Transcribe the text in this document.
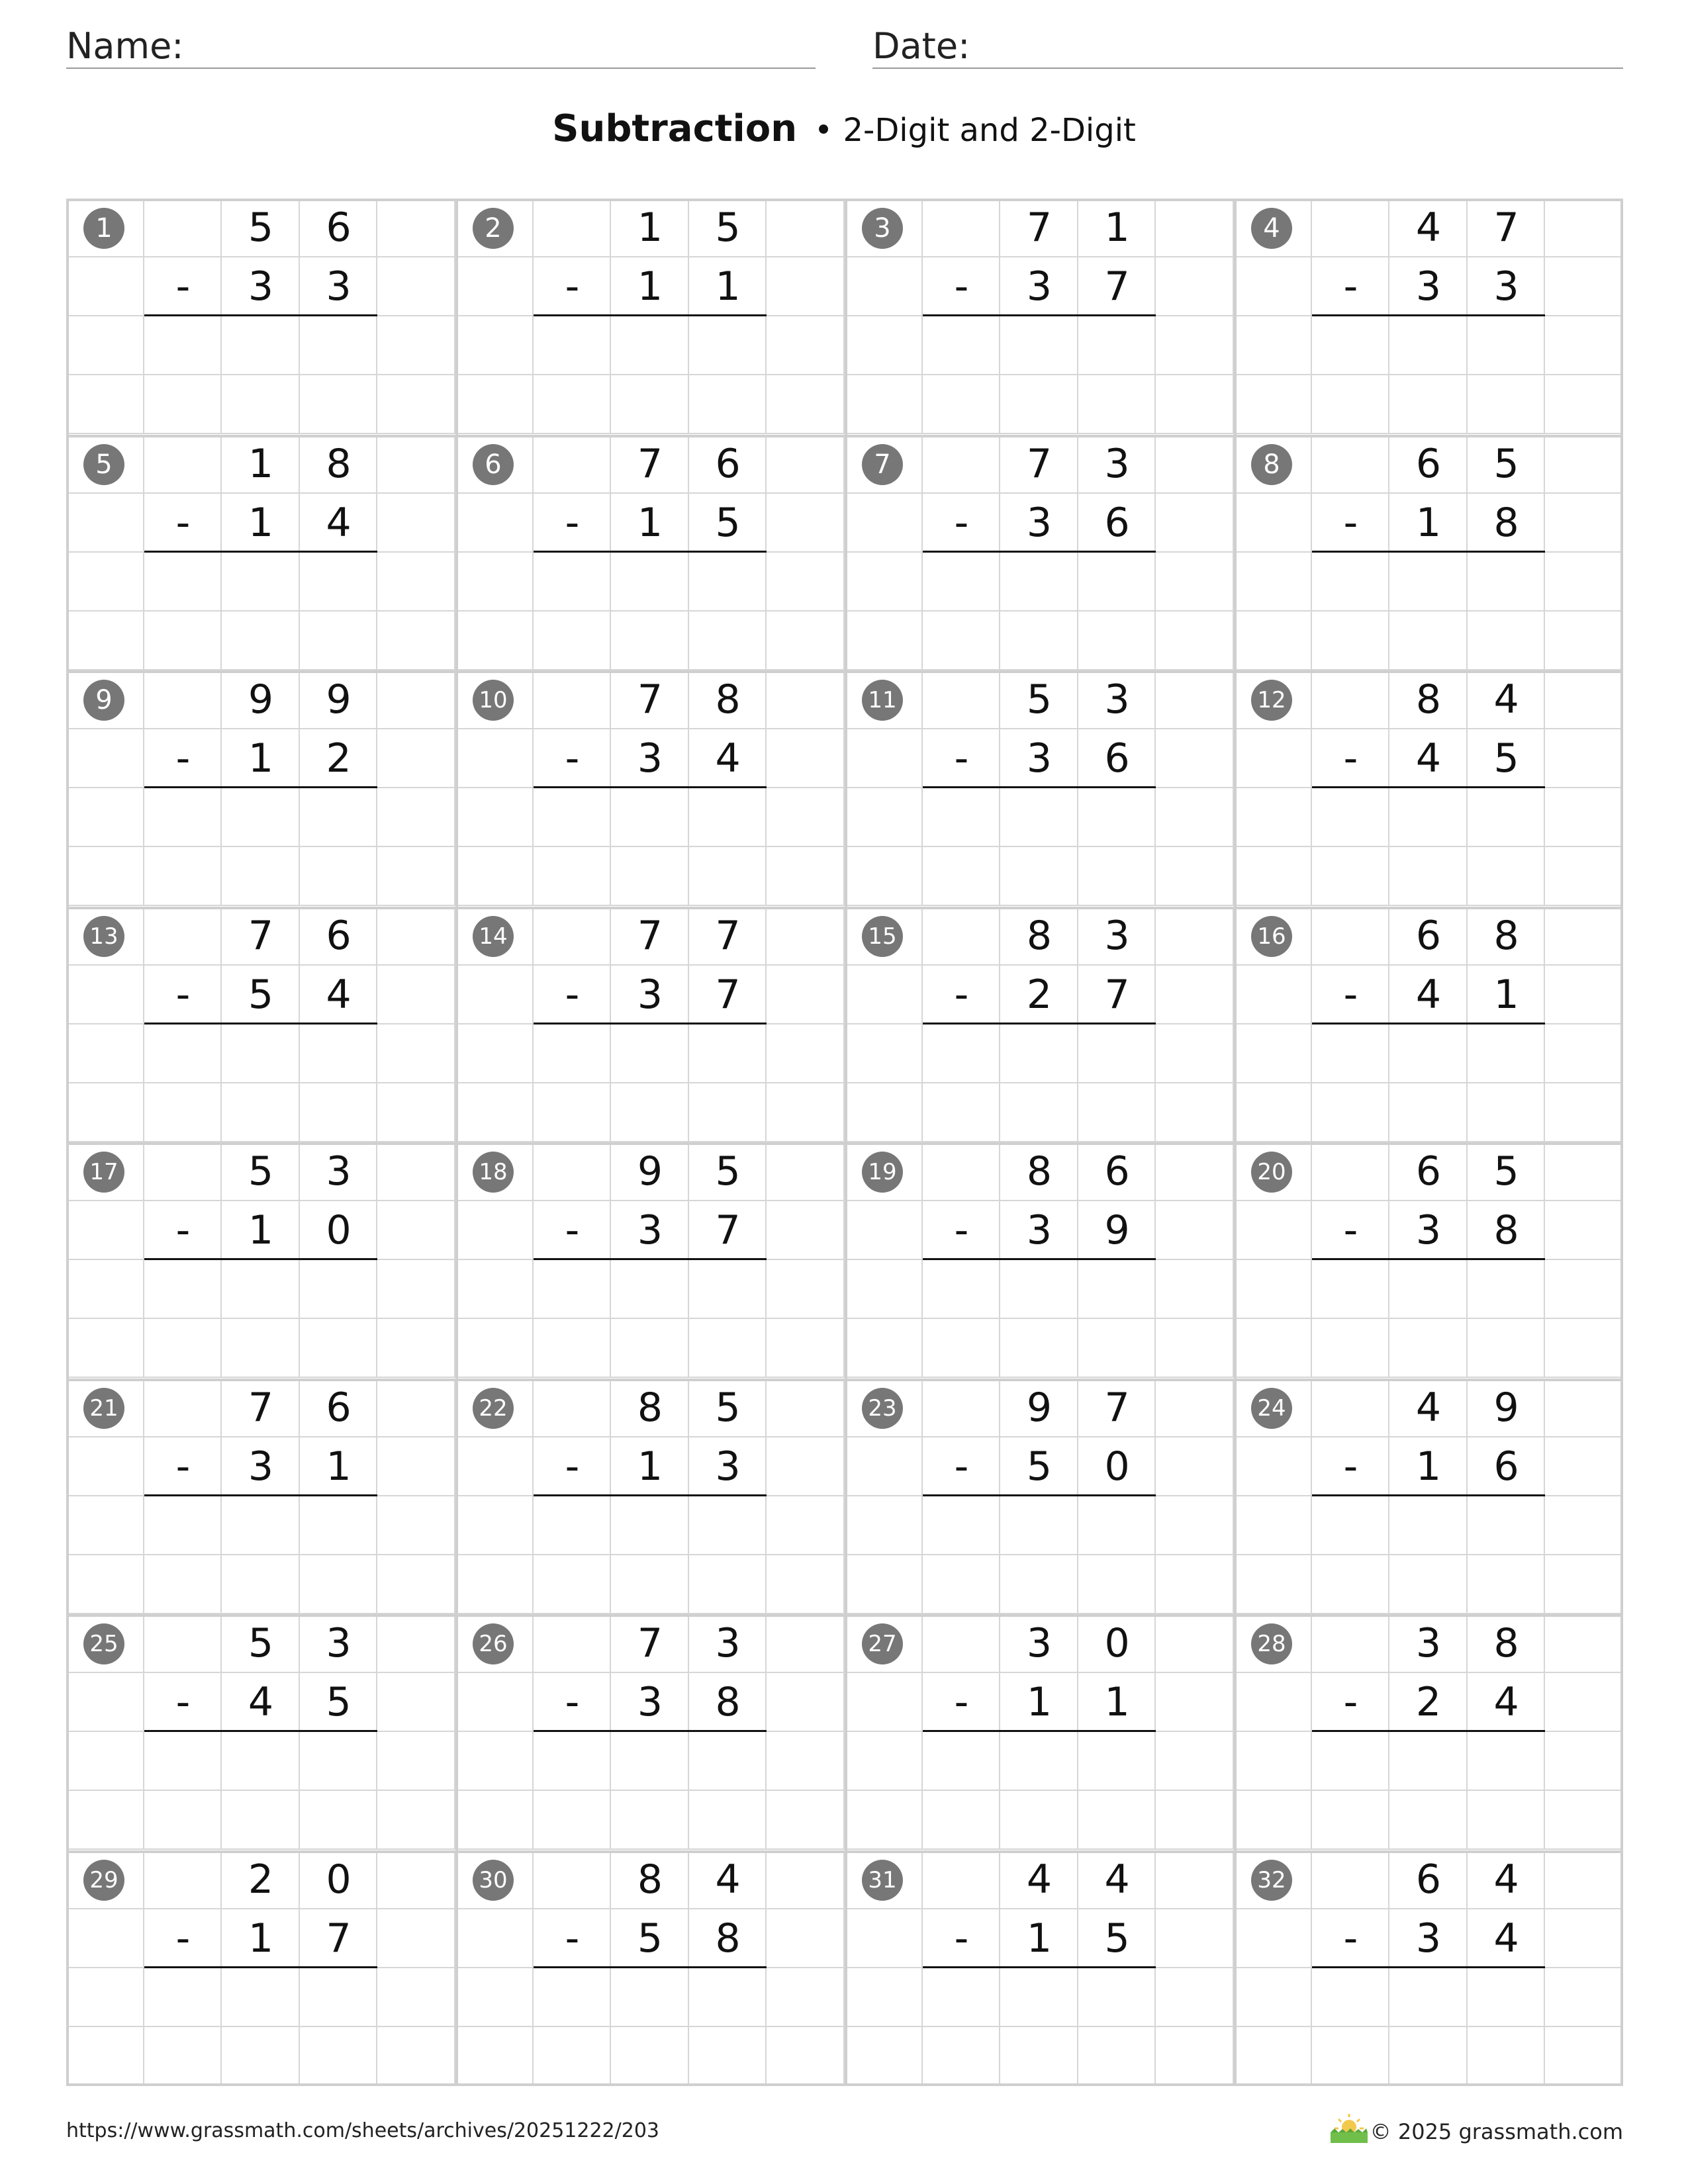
Name:	Date:
Subtraction • 2-Digit and 2-Digit
1	5	6
-	3	3
2	1	5
-	1	1
3	7	1
-	3	7
4	4	7
-	3	3
5	1	8
-	1	4
6	7	6
-	1	5
7	7	3
-	3	6
8	6	5
-	1	8
9	9	9
-	1	2
10	7	8
-	3	4
11	5	3
-	3	6
12	8	4
-	4	5
13	7	6
-	5	4
14	7	7
-	3	7
15	8	3
-	2	7
16	6	8
-	4	1
17	5	3
-	1	0
18	9	5
-	3	7
19	8	6
-	3	9
20	6	5
-	3	8
21	7	6
-	3	1
22	8	5
-	1	3
23	9	7
-	5	0
24	4	9
-	1	6
25	5	3
-	4	5
26	7	3
-	3	8
27	3	0
-	1	1
28	3	8
-	2	4
29	2	0
-	1	7
30	8	4
-	5	8
31	4	4
-	1	5
32	6	4
-	3	4
https://www.grassmath.com/sheets/archives/20251222/203	© 2025 grassmath.com
